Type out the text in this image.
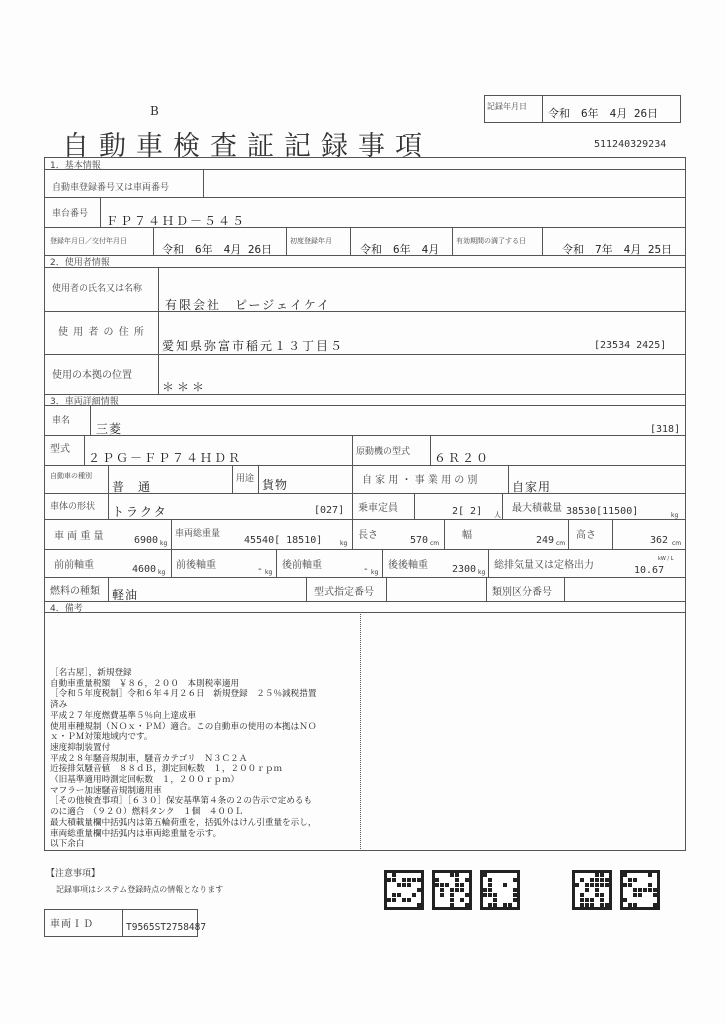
B
自動車検査証記録事項
記録年月日
令和　6年　4月 26日
511240329234
1．基本情報
自動車登録番号又は車両番号
車台番号 ＦＰ７４ＨＤ－５４５
登録年月日／交付年月日
令和　6年　4月 26日
初度登録年月
令和　6年　4月
有効期間の満了する日
令和　7年　4月 25日
2．使用者情報
使用者の氏名又は名称
有限会社　ピージェイケイ
使 用 者 の 住 所
愛知県弥富市稲元１３丁目５	[23534 2425]
使用の本拠の位置
＊＊＊
3．車両詳細情報
車名
三菱	[318]
型式
２ＰＧ－ＦＰ７４ＨＤＲ	原動機の型式 ６Ｒ２０
自動車の種別
普　通
用途 貨物	自 家 用 ・ 事 業 用 の 別	自家用
車体の形状 トラクタ	[027] 乗車定員	2[ 2] 人
最大積載量 38530[11500]	kg
車 両 重 量	6900 kg
車両総重量
45540[ 18510]	kg
長さ	570 cm
幅	249 cm
高さ	362 cm
前前軸重	4600 kg
前後軸重	- kg
後前軸重	- kg
後後軸重 2300 kg
総排気量又は定格出力	10.67
kW / L
燃料の種類 軽油	型式指定番号	類別区分番号
4．備考
［名古屋］，新規登録
自動車重量税額　￥８６，２００　本則税率適用
［令和５年度税制］令和６年４月２６日　新規登録　２５％減税措置
済み
平成２７年度燃費基準５％向上達成車
使用車種規制（ＮＯｘ・ＰＭ）適合。この自動車の使用の本拠はＮＯ
ｘ・ＰＭ対策地域内です。
速度抑制装置付
平成２８年騒音規制車，騒音カテゴリ　Ｎ３Ｃ２Ａ
近接排気騒音値　８８ｄＢ，測定回転数　１，２００ｒｐｍ
（旧基準適用時測定回転数　１，２００ｒｐｍ）
マフラー加速騒音規制適用車
［その他検査事項］［６３０］保安基準第４条の２の告示で定めるも
のに適合　（９２０）燃料タンク　１個　４００Ｌ
最大積載量欄中括弧内は第五輪荷重を，括弧外はけん引重量を示し，
車両総重量欄中括弧内は車両総重量を示す。
以下余白
【注意事項】
記録事項はシステム登録時点の情報となります
車両ＩＤ	T9565ST2758487
